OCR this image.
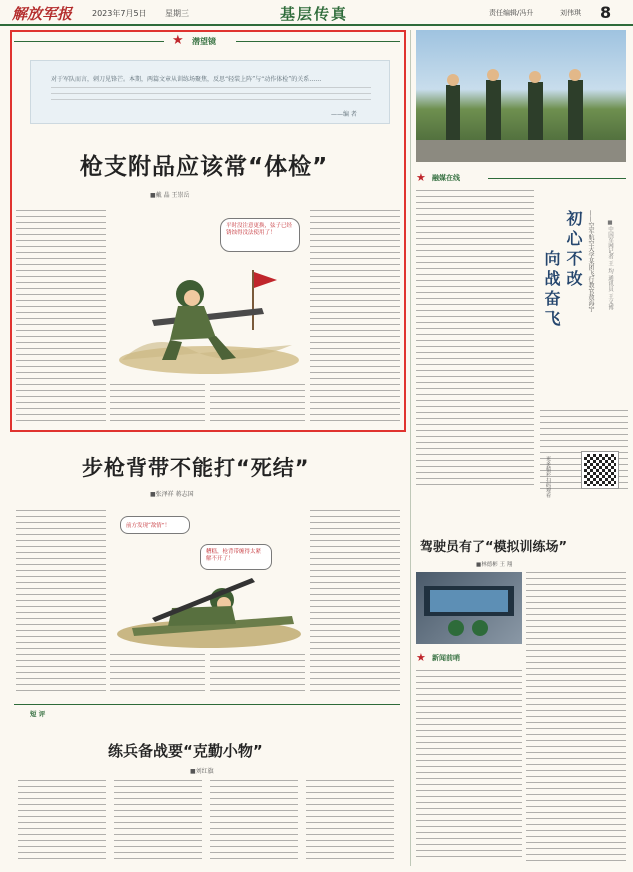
解放军报 2023年7月5日 星期三	基层传真	责任编辑/冯升	刘伟琪 8
★ 潜望镜
对于军队而言，刺刀见锋芒。本期，两篇文章从训练场聚焦，反思“轻装上阵”与“动作体检”的关系……
——编 者
枪支附品应该常“体检”
■戴 晶 王崇岳
平时没注意更换，弦子已经锈蚀得没法使用了！
步枪背带不能打“死结”
■张泽祥 蒋志国
前方发现“敌情”！
糟糕，枪背带缠得太紧解不开了！
短 评
练兵备战要“克勤小物”
■刘红旗
★ 融媒在线
初心不改
向战奋飞	——空军航空大学某团飞行教官敖海宁 ■中国军网记者 王 均 通讯员 王义博
更多精彩 扫码观看
驾驶员有了“模拟训练场”
■林德彬 王 翔
★ 新闻前哨
